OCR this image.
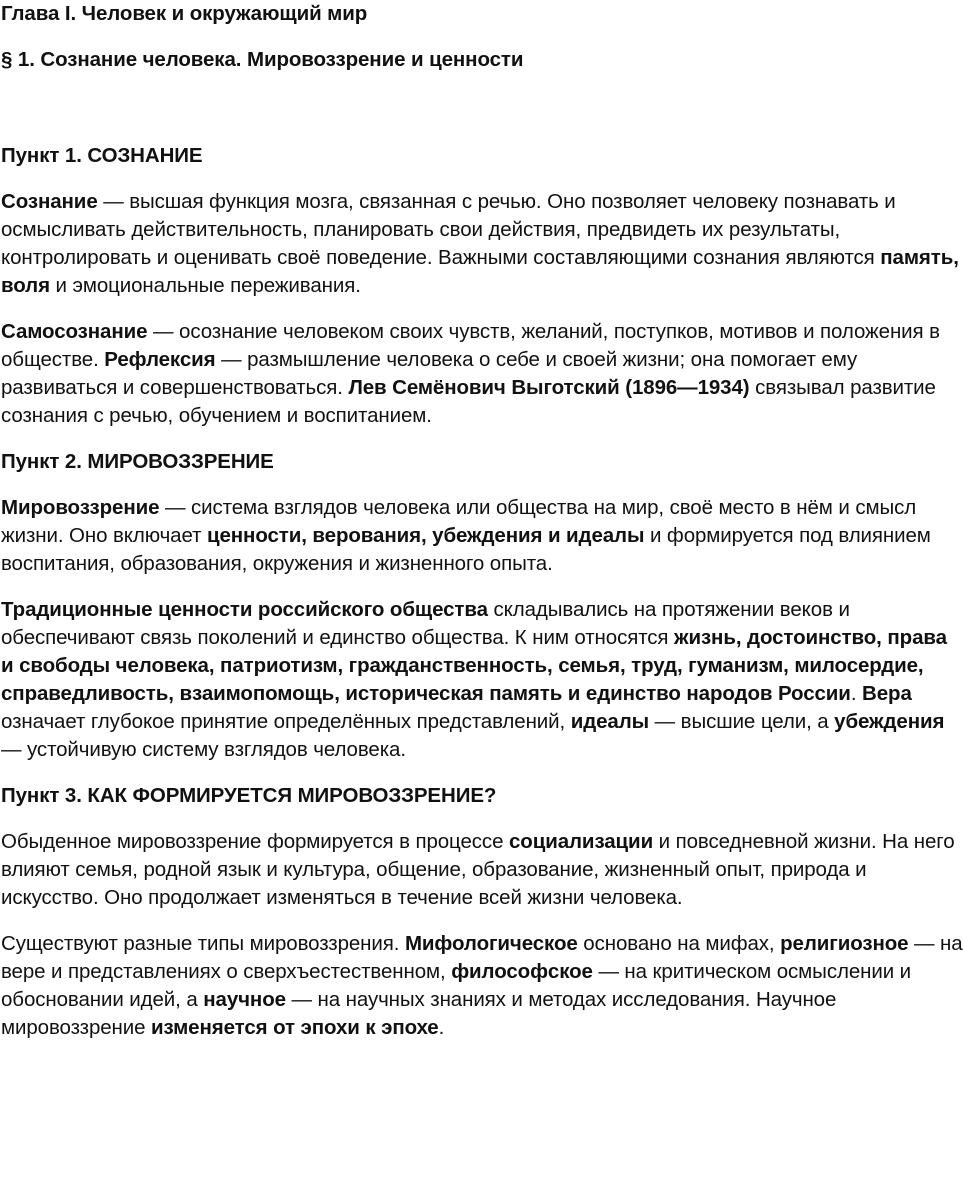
Глава I. Человек и окружающий мир
§ 1. Сознание человека. Мировоззрение и ценности
Пункт 1. СОЗНАНИЕ

Сознание — высшая функция мозга, связанная с речью. Оно позволяет человеку познавать и осмысливать действительность, планировать свои действия, предвидеть их результаты, контролировать и оценивать своё поведение. Важными составляющими сознания являются память, воля и эмоциональные переживания.

Самосознание — осознание человеком своих чувств, желаний, поступков, мотивов и положения в обществе. Рефлексия — размышление человека о себе и своей жизни; она помогает ему развиваться и совершенствоваться. Лев Семёнович Выготский (1896—1934) связывал развитие сознания с речью, обучением и воспитанием.

Пункт 2. МИРОВОЗЗРЕНИЕ

Мировоззрение — система взглядов человека или общества на мир, своё место в нём и смысл жизни. Оно включает ценности, верования, убеждения и идеалы и формируется под влиянием воспитания, образования, окружения и жизненного опыта.

Традиционные ценности российского общества складывались на протяжении веков и обеспечивают связь поколений и единство общества. К ним относятся жизнь, достоинство, права и свободы человека, патриотизм, гражданственность, семья, труд, гуманизм, милосердие, справедливость, взаимопомощь, историческая память и единство народов России. Вера означает глубокое принятие определённых представлений, идеалы — высшие цели, а убеждения — устойчивую систему взглядов человека.

Пункт 3. КАК ФОРМИРУЕТСЯ МИРОВОЗЗРЕНИЕ?

Обыденное мировоззрение формируется в процессе социализации и повседневной жизни. На него влияют семья, родной язык и культура, общение, образование, жизненный опыт, природа и искусство. Оно продолжает изменяться в течение всей жизни человека.

Существуют разные типы мировоззрения. Мифологическое основано на мифах, религиозное — на вере и представлениях о сверхъестественном, философское — на критическом осмыслении и обосновании идей, а научное — на научных знаниях и методах исследования. Научное мировоззрение изменяется от эпохи к эпохе.
